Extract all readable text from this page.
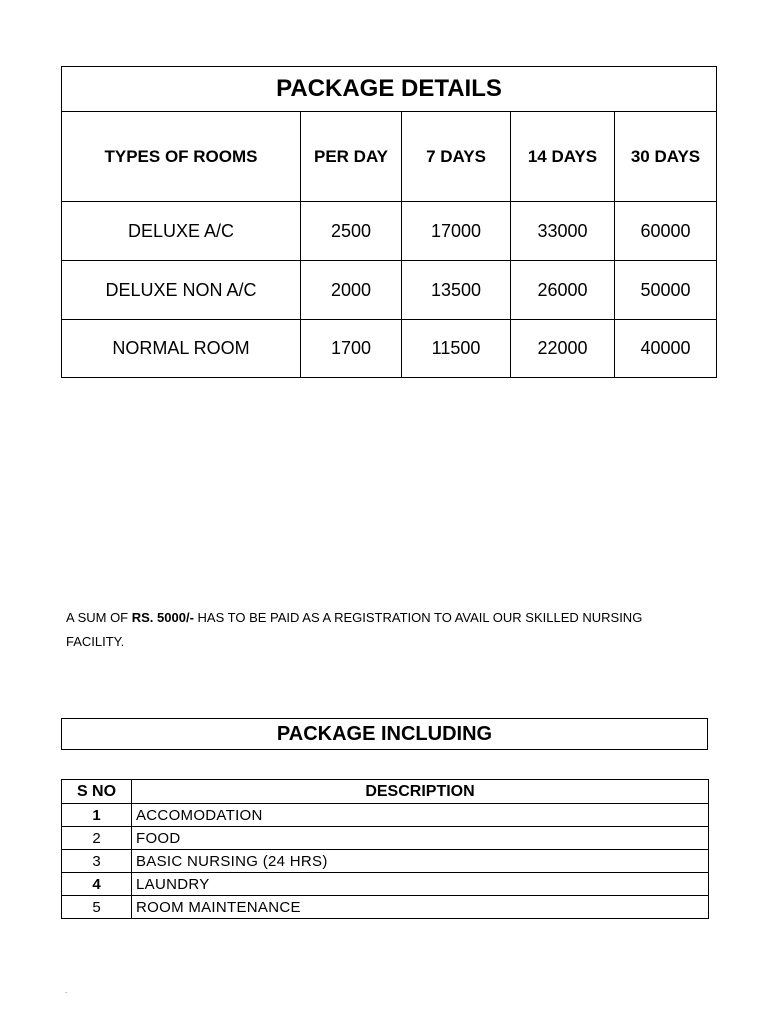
PACKAGE DETAILS				
TYPES OF ROOMS	PER DAY	7 DAYS	14 DAYS	30 DAYS
DELUXE A/C	2500	17000	33000	60000
DELUXE NON A/C	2000	13500	26000	50000
NORMAL ROOM	1700	11500	22000	40000
A SUM OF RS. 5000/- HAS TO BE PAID AS A REGISTRATION TO AVAIL OUR SKILLED NURSING
FACILITY.
PACKAGE INCLUDING
S NO	DESCRIPTION
1	ACCOMODATION
2	FOOD
3	BASIC NURSING (24 HRS)
4	LAUNDRY
5	ROOM MAINTENANCE
.
